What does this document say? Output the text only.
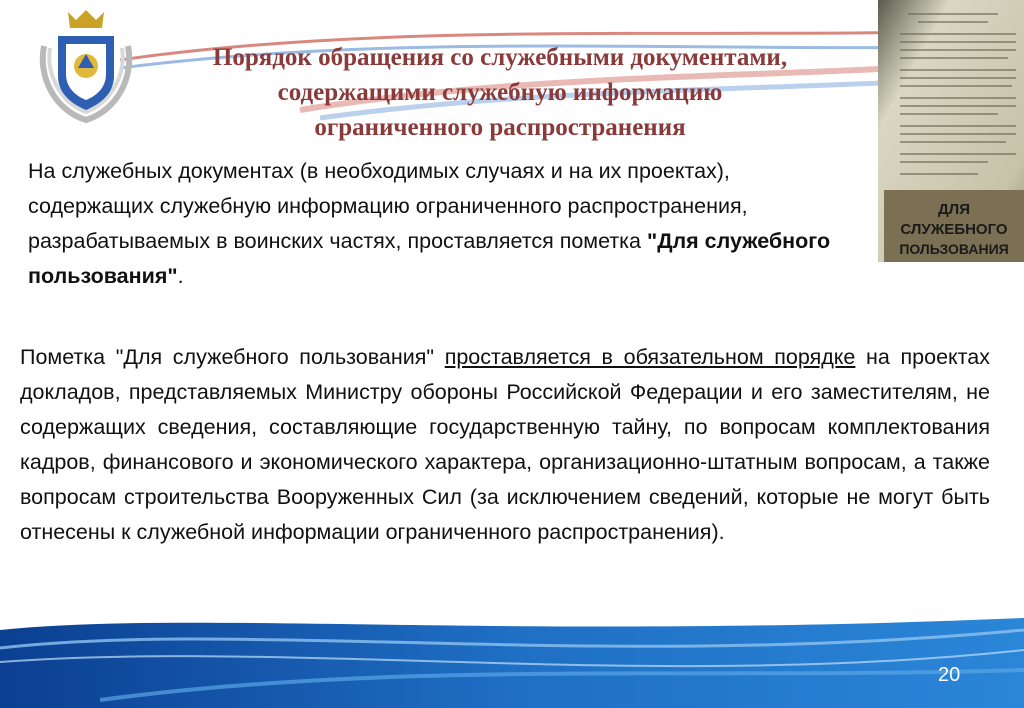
Порядок обращения со служебными документами,
содержащими служебную информацию
ограниченного распространения
ДЛЯ
СЛУЖЕБНОГО
ПОЛЬЗОВАНИЯ
На служебных документах (в необходимых случаях и на их проектах), содержащих служебную информацию ограниченного распространения, разрабатываемых в воинских частях, проставляется пометка "Для служебного пользования".
Пометка "Для служебного пользования" проставляется в обязательном порядке на проектах докладов, представляемых Министру обороны Российской Федерации и его заместителям, не содержащих сведения, составляющие государственную тайну, по вопросам комплектования кадров, финансового и экономического характера, организационно-штатным вопросам, а также вопросам строительства Вооруженных Сил (за исключением сведений, которые не могут быть отнесены к служебной информации ограниченного распространения).
20
